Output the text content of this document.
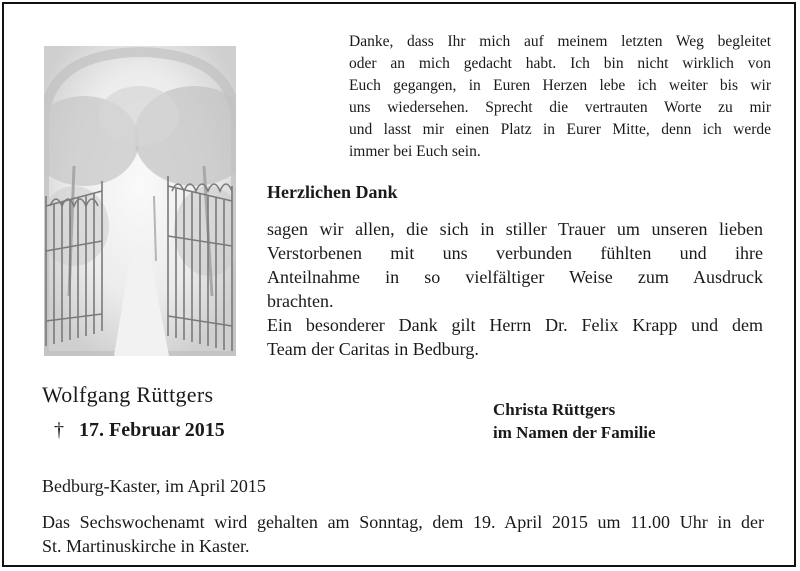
Danke, dass Ihr mich auf meinem letzten Weg begleitet
oder an mich gedacht habt. Ich bin nicht wirklich von
Euch gegangen, in Euren Herzen lebe ich weiter bis wir
uns wiedersehen. Sprecht die vertrauten Worte zu mir
und lasst mir einen Platz in Eurer Mitte, denn ich werde
immer bei Euch sein.
Herzlichen Dank
sagen wir allen, die sich in stiller Trauer um unseren lieben
Verstorbenen mit uns verbunden fühlten und ihre
Anteilnahme in so vielfältiger Weise zum Ausdruck
brachten.
Ein besonderer Dank gilt Herrn Dr. Felix Krapp und dem
Team der Caritas in Bedburg.
Wolfgang Rüttgers
† 17. Februar 2015
Christa Rüttgers
im Namen der Familie
Bedburg-Kaster, im April 2015
Das Sechswochenamt wird gehalten am Sonntag, dem 19. April 2015 um 11.00 Uhr in der
St. Martinuskirche in Kaster.
